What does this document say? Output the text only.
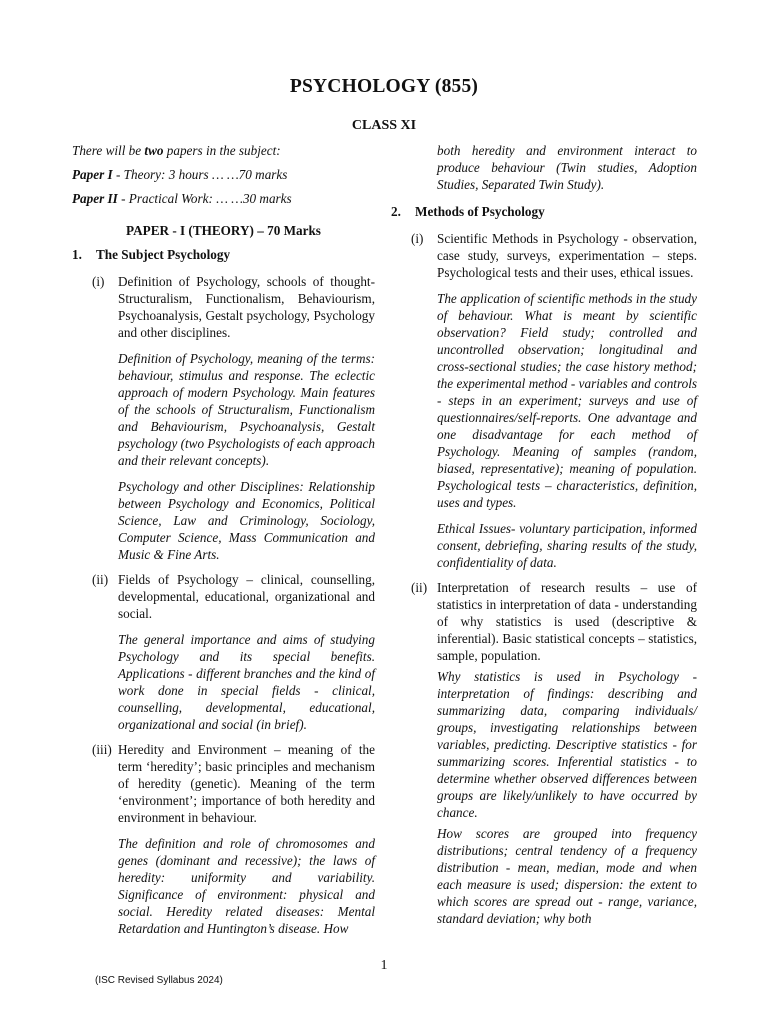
PSYCHOLOGY (855)
CLASS XI

There will be two papers in the subject:

Paper I - Theory: 3 hours … …70 marks

Paper II - Practical Work: … …30 marks

PAPER - I (THEORY) – 70 Marks

1.	The Subject Psychology
(i)	Definition of Psychology, schools of thought- Structuralism, Functionalism, Behaviourism, Psychoanalysis, Gestalt psychology, Psychology and other disciplines.

Definition of Psychology, meaning of the terms: behaviour, stimulus and response. The eclectic approach of modern Psychology. Main features of the schools of Structuralism, Functionalism and Behaviourism, Psychoanalysis, Gestalt psychology (two Psychologists of each approach and their relevant concepts).

Psychology and other Disciplines: Relationship between Psychology and Economics, Political Science, Law and Criminology, Sociology, Computer Science, Mass Communication and Music & Fine Arts.

(ii) Fields of Psychology – clinical, counselling, developmental, educational, organizational and social.

The general importance and aims of studying Psychology and its special benefits. Applications - different branches and the kind of work done in special fields - clinical, counselling, developmental, educational, organizational and social (in brief).

(iii) Heredity and Environment – meaning of the term ‘heredity’; basic principles and mechanism of heredity (genetic). Meaning of the term ‘environment’; importance of both heredity and environment in behaviour.

The definition and role of chromosomes and genes (dominant and recessive); the laws of heredity: uniformity and variability. Significance of environment: physical and social. Heredity related diseases: Mental Retardation and Huntington’s disease. How

both heredity and environment interact to produce behaviour (Twin studies, Adoption Studies, Separated Twin Study).

2.	Methods of Psychology
(i)	Scientific Methods in Psychology - observation, case study, surveys, experimentation – steps. Psychological tests and their uses, ethical issues.

The application of scientific methods in the study of behaviour. What is meant by scientific observation? Field study; controlled and uncontrolled observation; longitudinal and cross-sectional studies; the case history method; the experimental method - variables and controls - steps in an experiment; surveys and use of questionnaires/self-reports. One advantage and one disadvantage for each method of Psychology. Meaning of samples (random, biased, representative); meaning of population. Psychological tests – characteristics, definition, uses and types.

Ethical Issues- voluntary participation, informed consent, debriefing, sharing results of the study, confidentiality of data.

(ii) Interpretation of research results – use of statistics in interpretation of data - understanding of why statistics is used (descriptive & inferential). Basic statistical concepts – statistics, sample, population.

Why statistics is used in Psychology - interpretation of findings: describing and summarizing data, comparing individuals/ groups, investigating relationships between variables, predicting. Descriptive statistics - for summarizing scores. Inferential statistics - to determine whether observed differences between groups are likely/unlikely to have occurred by chance.

How scores are grouped into frequency distributions; central tendency of a frequency distribution - mean, median, mode and when each measure is used; dispersion: the extent to which scores are spread out - range, variance, standard deviation; why both

1
(ISC Revised Syllabus 2024)
